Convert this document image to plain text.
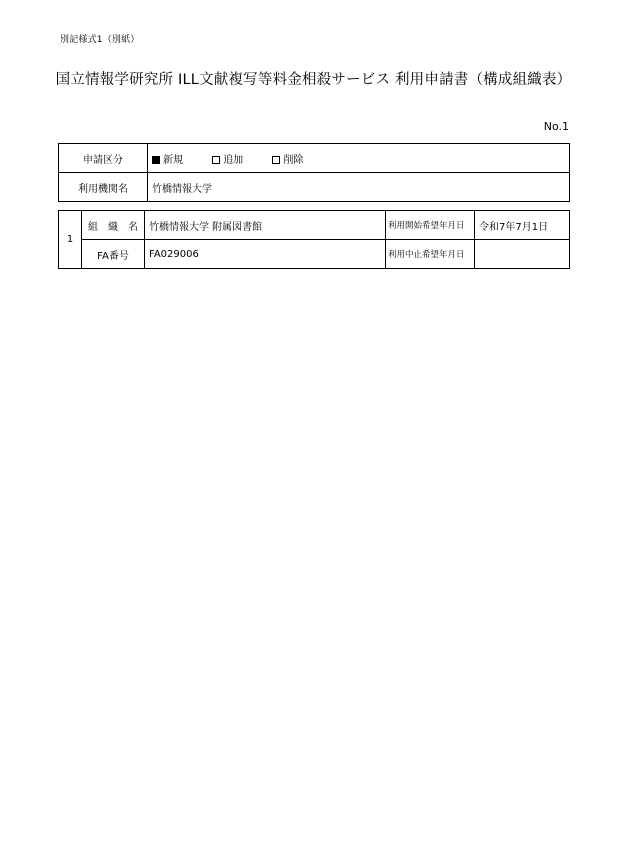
別記様式1（別紙）
国立情報学研究所 ILL文献複写等料金相殺サービス 利用申請書（構成組織表）
No.1
申請区分	新規 追加 削除
利用機関名	竹橋情報大学
1	組　織　名	竹橋情報大学 附属図書館	利用開始希望年月日	令和7年7月1日
	FA番号	FA029006	利用中止希望年月日	
